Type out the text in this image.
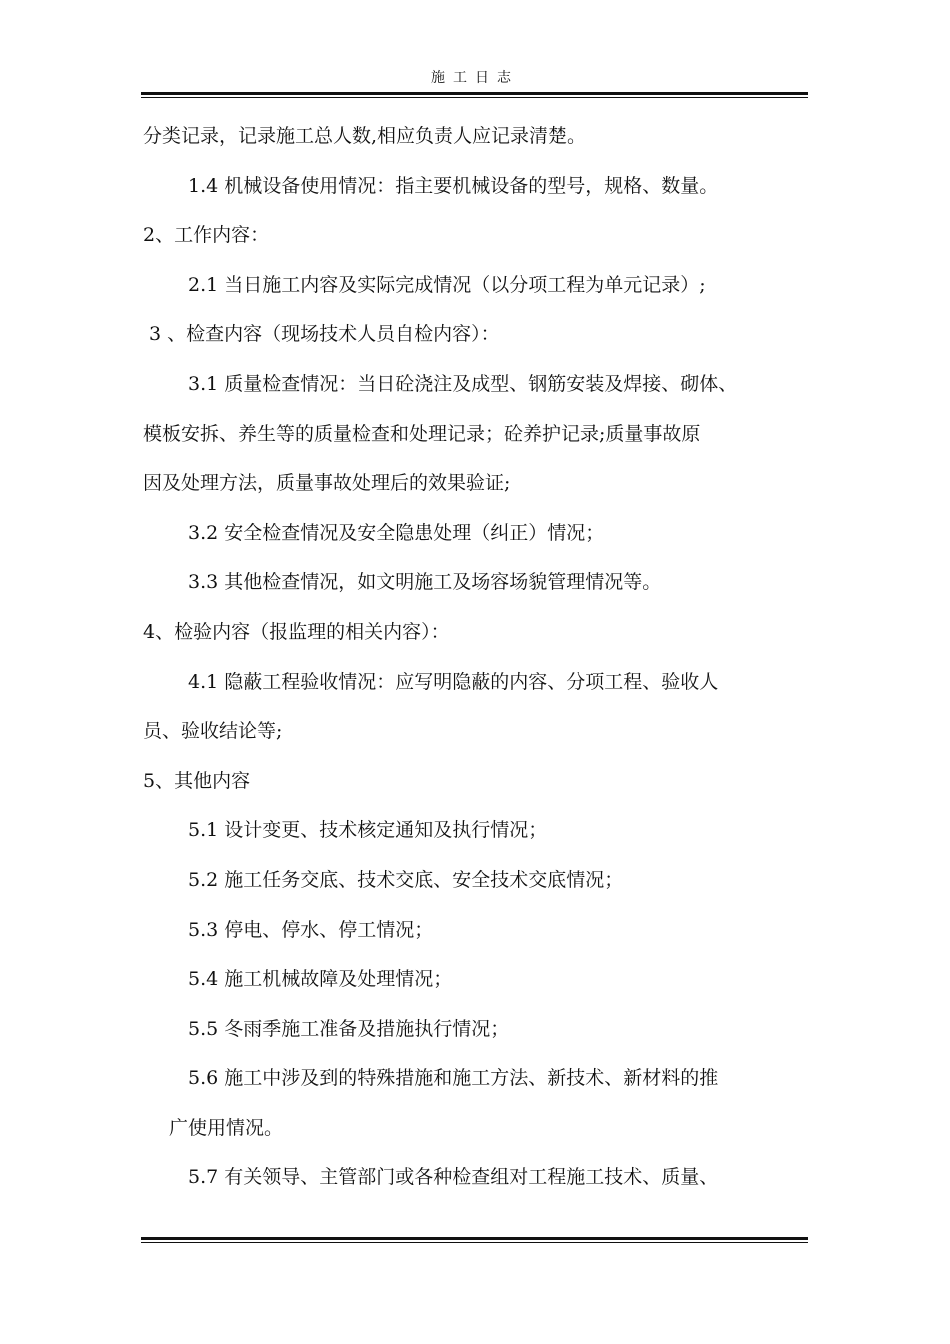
施工日志
分类记录，记录施工总人数,相应负责人应记录清楚。
1.4 机械设备使用情况：指主要机械设备的型号，规格、数量。
2、工作内容：
2.1 当日施工内容及实际完成情况（以分项工程为单元记录）;
3 、检查内容（现场技术人员自检内容）：
3.1 质量检查情况：当日砼浇注及成型、钢筋安装及焊接、砌体、
模板安拆、养生等的质量检查和处理记录；砼养护记录;质量事故原
因及处理方法，质量事故处理后的效果验证;
3.2 安全检查情况及安全隐患处理（纠正）情况；
3.3 其他检查情况，如文明施工及场容场貌管理情况等。
4、检验内容（报监理的相关内容）：
4.1 隐蔽工程验收情况：应写明隐蔽的内容、分项工程、验收人
员、验收结论等;
5、其他内容
5.1 设计变更、技术核定通知及执行情况；
5.2 施工任务交底、技术交底、安全技术交底情况；
5.3 停电、停水、停工情况；
5.4 施工机械故障及处理情况；
5.5 冬雨季施工准备及措施执行情况；
5.6 施工中涉及到的特殊措施和施工方法、新技术、新材料的推
广使用情况。
5.7 有关领导、主管部门或各种检查组对工程施工技术、质量、
